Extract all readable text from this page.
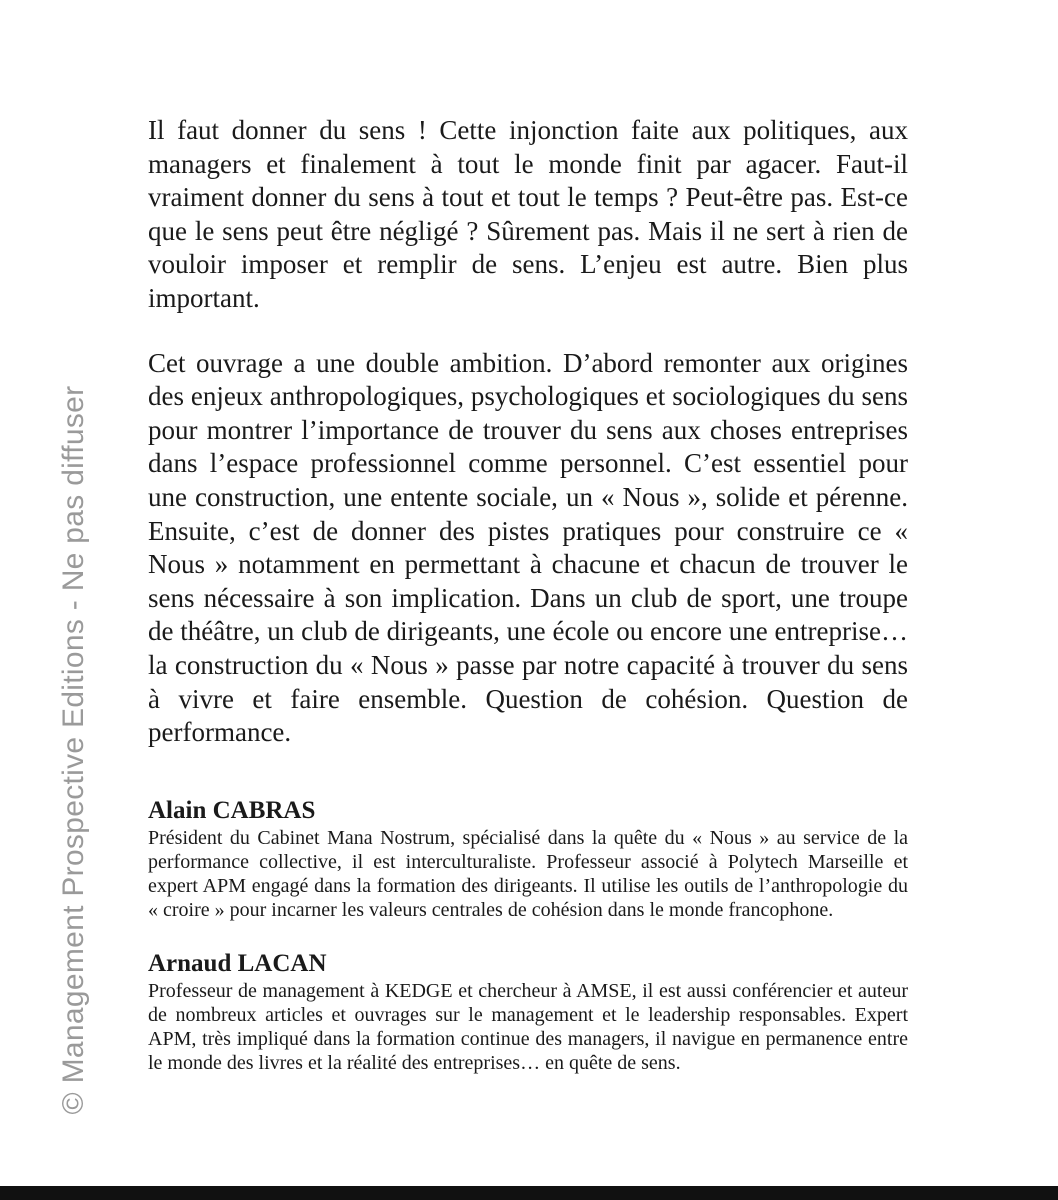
© Management Prospective Editions - Ne pas diffuser

Il faut donner du sens ! Cette injonction faite aux politiques, aux managers et finalement à tout le monde finit par agacer. Faut-il vraiment donner du sens à tout et tout le temps ? Peut-être pas. Est-ce que le sens peut être négligé ? Sûrement pas. Mais il ne sert à rien de vouloir imposer et remplir de sens. L’enjeu est autre. Bien plus important.

Cet ouvrage a une double ambition. D’abord remonter aux origines des enjeux anthropologiques, psychologiques et sociologiques du sens pour montrer l’importance de trouver du sens aux choses entreprises dans l’espace professionnel comme personnel. C’est essentiel pour une construction, une entente sociale, un « Nous », solide et pérenne. Ensuite, c’est de donner des pistes pratiques pour construire ce « Nous » notamment en permettant à chacune et chacun de trouver le sens nécessaire à son implication. Dans un club de sport, une troupe de théâtre, un club de dirigeants, une école ou encore une entreprise… la construction du « Nous » passe par notre capacité à trouver du sens à vivre et faire ensemble. Question de cohésion. Question de performance.

Alain CABRAS

Président du Cabinet Mana Nostrum, spécialisé dans la quête du « Nous » au service de la performance collective, il est interculturaliste. Professeur associé à Polytech Marseille et expert APM engagé dans la formation des dirigeants. Il utilise les outils de l’anthropologie du « croire » pour incarner les valeurs centrales de cohésion dans le monde francophone.

Arnaud LACAN

Professeur de management à KEDGE et chercheur à AMSE, il est aussi conférencier et auteur de nombreux articles et ouvrages sur le management et le leadership responsables. Expert APM, très impliqué dans la formation continue des managers, il navigue en permanence entre le monde des livres et la réalité des entreprises… en quête de sens.
